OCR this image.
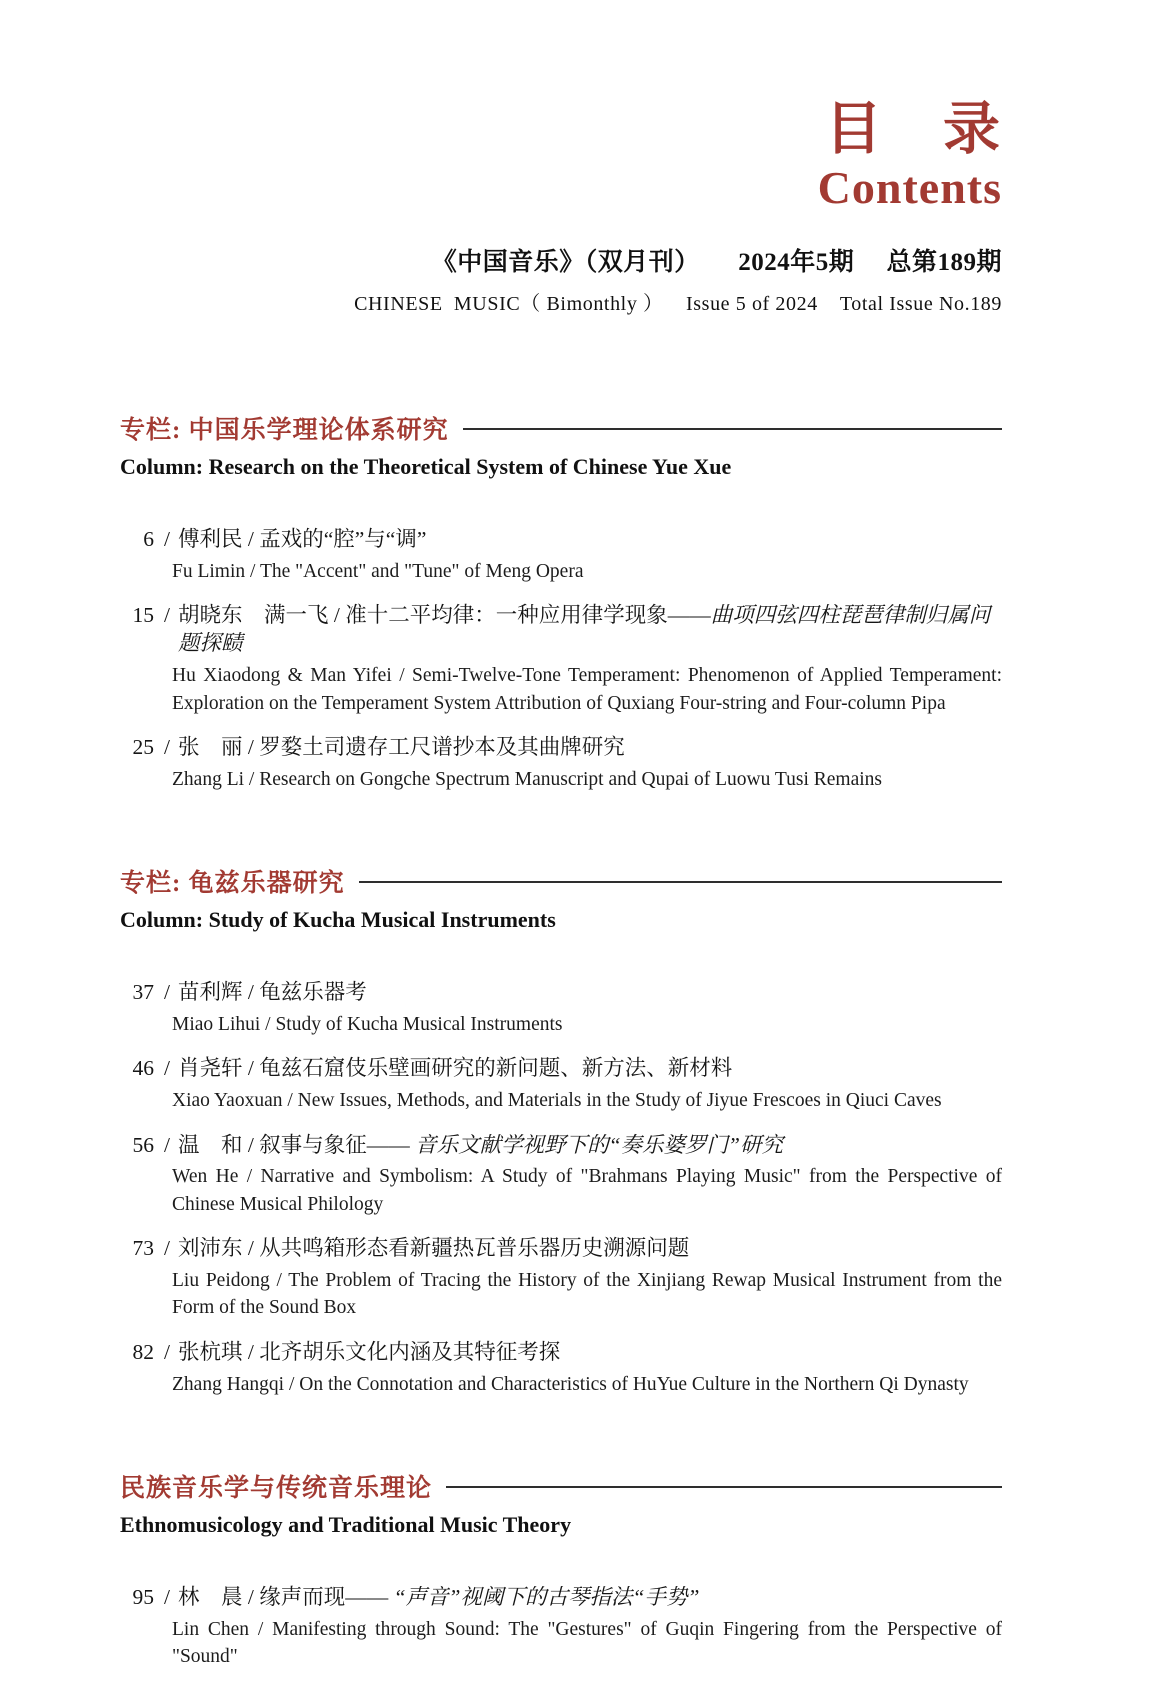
目　录
Contents
《中国音乐》（双月刊）　　2024年5期　 总第189期
CHINESE  MUSIC（ Bimonthly ）    Issue 5 of 2024    Total Issue No.189
专栏: 中国乐学理论体系研究
Column: Research on the Theoretical System of Chinese Yue Xue
6 / 傅利民 / 孟戏的“腔”与“调”
Fu Limin / The "Accent" and "Tune" of Meng Opera
15 / 胡晓东　满一飞 / 准十二平均律：一种应用律学现象——曲项四弦四柱琵琶律制归属问题探赜
Hu Xiaodong & Man Yifei / Semi-Twelve-Tone Temperament: Phenomenon of Applied Temperament: Exploration on the Temperament System Attribution of Quxiang Four-string and Four-column Pipa
25 / 张　丽 / 罗婺土司遗存工尺谱抄本及其曲牌研究
Zhang Li / Research on Gongche Spectrum Manuscript and Qupai of Luowu Tusi Remains
专栏: 龟兹乐器研究
Column: Study of Kucha Musical Instruments
37 / 苗利辉 / 龟兹乐器考
Miao Lihui / Study of Kucha Musical Instruments
46 / 肖尧轩 / 龟兹石窟伎乐壁画研究的新问题、新方法、新材料
Xiao Yaoxuan / New Issues, Methods, and Materials in the Study of Jiyue Frescoes in Qiuci Caves
56 / 温　和 / 叙事与象征—— 音乐文献学视野下的“奏乐婆罗门”研究
Wen He / Narrative and Symbolism: A Study of "Brahmans Playing Music" from the Perspective of Chinese Musical Philology
73 / 刘沛东 / 从共鸣箱形态看新疆热瓦普乐器历史溯源问题
Liu Peidong / The Problem of Tracing the History of the Xinjiang Rewap Musical Instrument from the Form of the Sound Box
82 / 张杭琪 / 北齐胡乐文化内涵及其特征考探
Zhang Hangqi / On the Connotation and Characteristics of HuYue Culture in the Northern Qi Dynasty
民族音乐学与传统音乐理论
Ethnomusicology and Traditional Music Theory
95 / 林　晨 / 缘声而现—— “声音”视阈下的古琴指法“手势”
Lin Chen / Manifesting through Sound: The "Gestures" of Guqin Fingering from the Perspective of "Sound"
